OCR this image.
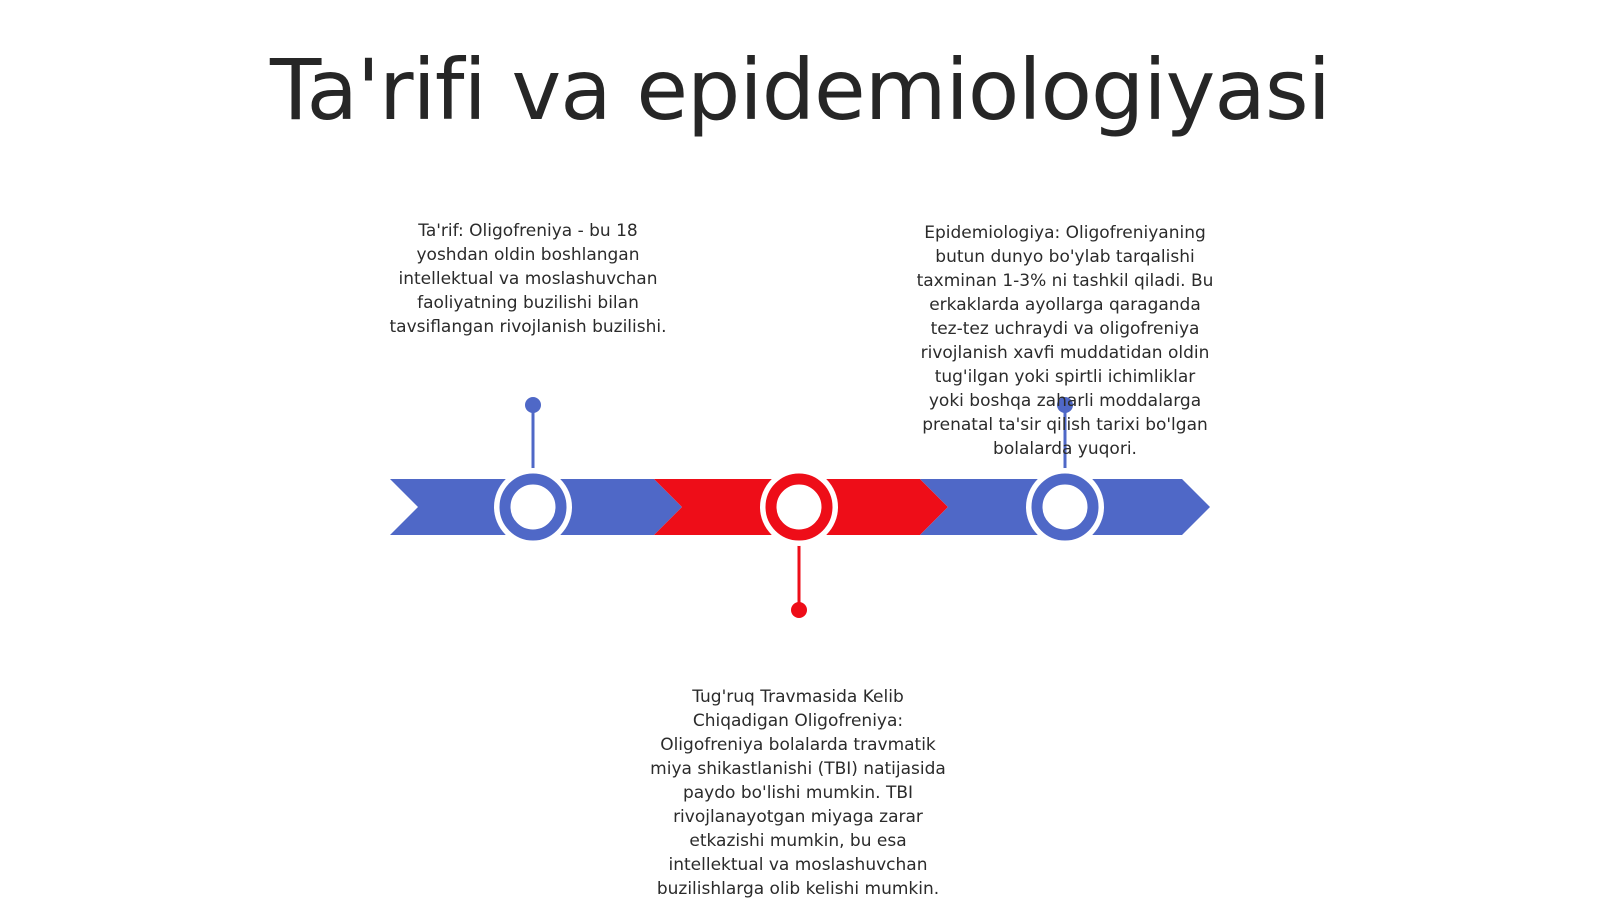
Ta'rifi va epidemiologiyasi
Ta'rif: Oligofreniya - bu 18 yoshdan oldin boshlangan intellektual va moslashuvchan faoliyatning buzilishi bilan tavsiflangan rivojlanish buzilishi.
Tug'ruq Travmasida Kelib Chiqadigan Oligofreniya: Oligofreniya bolalarda travmatik miya shikastlanishi (TBI) natijasida paydo bo'lishi mumkin. TBI rivojlanayotgan miyaga zarar etkazishi mumkin, bu esa intellektual va moslashuvchan buzilishlarga olib kelishi mumkin.
Epidemiologiya: Oligofreniyaning butun dunyo bo'ylab tarqalishi taxminan 1-3% ni tashkil qiladi. Bu erkaklarda ayollarga qaraganda tez-tez uchraydi va oligofreniya rivojlanish xavfi muddatidan oldin tug'ilgan yoki spirtli ichimliklar yoki boshqa zaharli moddalarga prenatal ta'sir qilish tarixi bo'lgan bolalarda yuqori.
